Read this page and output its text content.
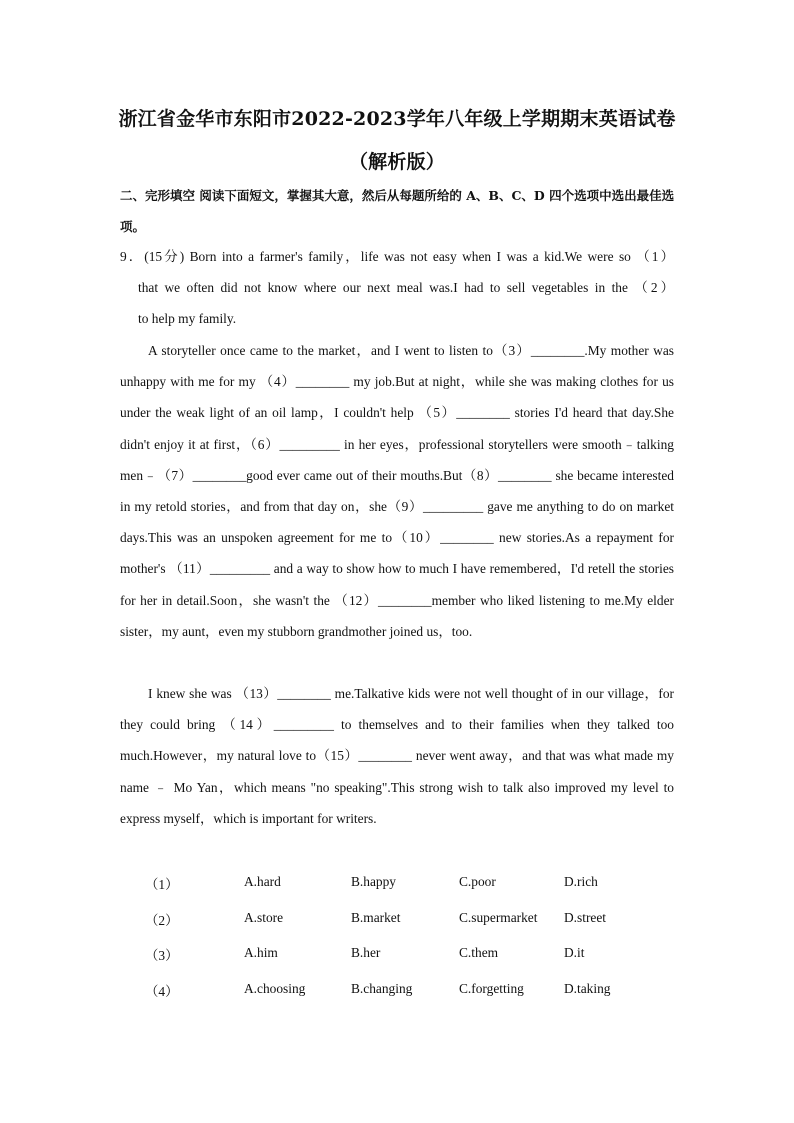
浙江省金华市东阳市2022-2023学年八年级上学期期末英语试卷
（解析版）
二、完形填空 阅读下面短文，掌握其大意，然后从每题所给的 A、B、C、D 四个选项中选出最佳选项。
9．(15分) Born into a farmer's family，life was not easy when I was a kid.We were so （1）
that we often did not know where our next meal was.I had to sell vegetables in the （2）
to help my family.
A storyteller once came to the market，and I went to listen to（3）________.My mother was unhappy with me for my （4）________ my job.But at night，while she was making clothes for us under the weak light of an oil lamp，I couldn't help （5）________ stories I'd heard that day.She didn't enjoy it at first，（6）_________ in her eyes，professional storytellers were smooth﹣talking men﹣（7）________good ever came out of their mouths.But（8）________ she became interested in my retold stories，and from that day on，she（9）_________ gave me anything to do on market days.This was an unspoken agreement for me to（10）________ new stories.As a repayment for mother's （11）_________ and a way to show how to much I have remembered，I'd retell the stories for her in detail.Soon，she wasn't the （12）________member who liked listening to me.My elder sister，my aunt，even my stubborn grandmother joined us，too.
I knew she was （13）________ me.Talkative kids were not well thought of in our village，for they could bring （14）_________ to themselves and to their families when they talked too much.However，my natural love to（15）________ never went away，and that was what made my name ﹣ Mo Yan，which means "no speaking".This strong wish to talk also improved my level to express myself，which is important for writers.
（1）	A.hard	B.happy	C.poor	D.rich
（2）	A.store	B.market	C.supermarket D.street
（3）	A.him	B.her	C.them	D.it
（4）	A.choosing	B.changing	C.forgetting	D.taking
